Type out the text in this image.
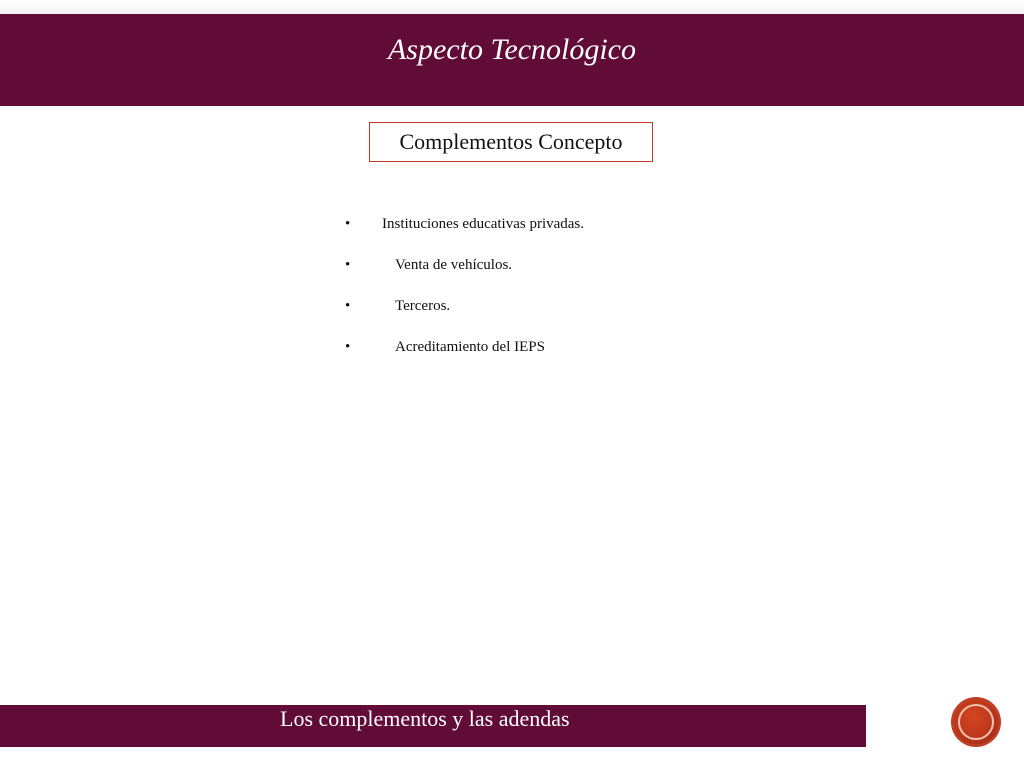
Aspecto Tecnológico
Complementos Concepto
• Instituciones educativas privadas.
•	Venta de vehículos.
•	Terceros.
•	Acreditamiento del IEPS
Los complementos y las adendas
